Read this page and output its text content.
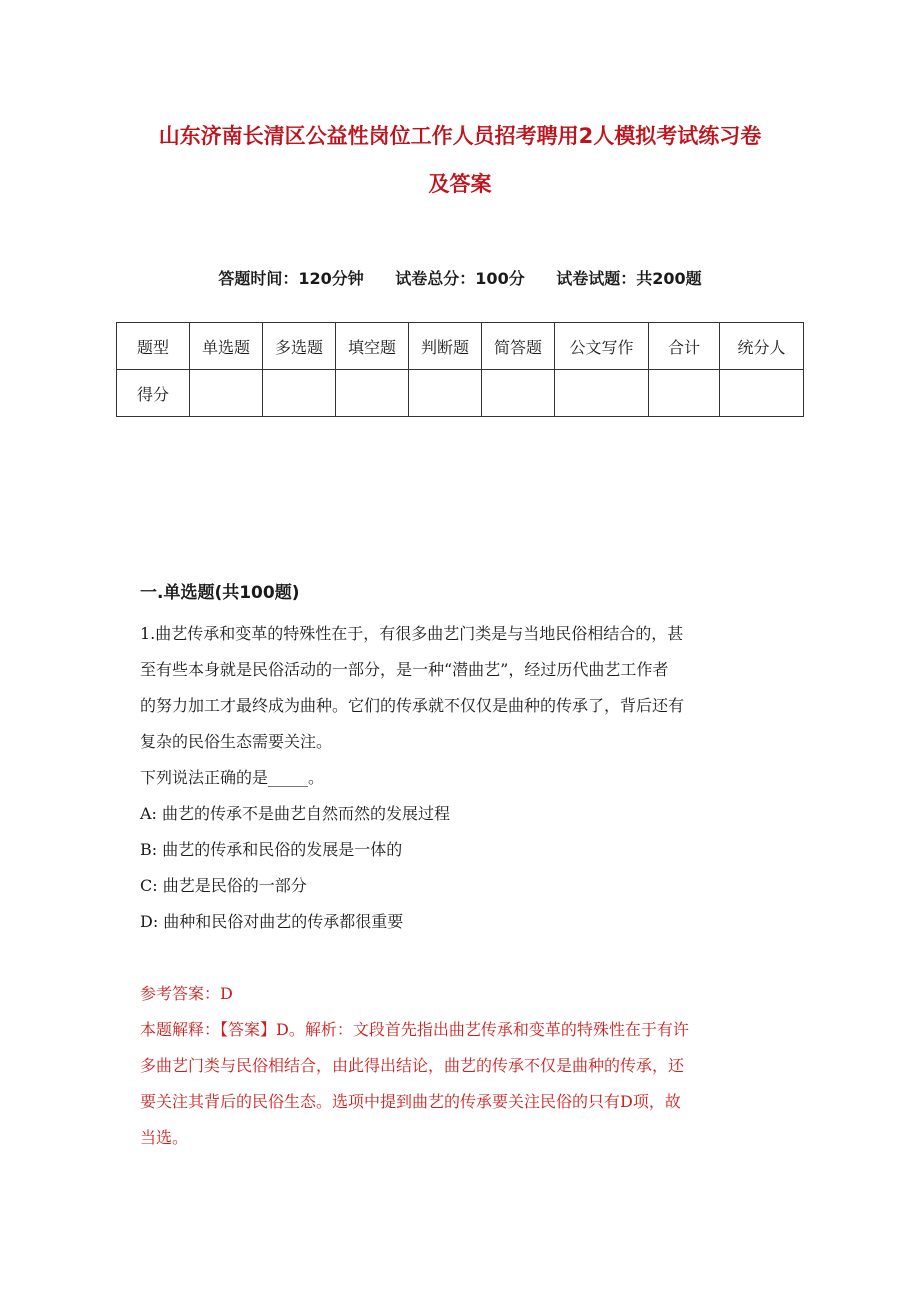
山东济南长清区公益性岗位工作人员招考聘用2人模拟考试练习卷
及答案
答题时间：120分钟 试卷总分：100分 试卷试题：共200题
题型	单选题	多选题	填空题	判断题	简答题	公文写作	合计	统分人
得分								
一.单选题(共100题)
1.曲艺传承和变革的特殊性在于，有很多曲艺门类是与当地民俗相结合的，甚
至有些本身就是民俗活动的一部分，是一种“潜曲艺”，经过历代曲艺工作者
的努力加工才最终成为曲种。它们的传承就不仅仅是曲种的传承了，背后还有
复杂的民俗生态需要关注。
下列说法正确的是_____。
A: 曲艺的传承不是曲艺自然而然的发展过程
B: 曲艺的传承和民俗的发展是一体的
C: 曲艺是民俗的一部分
D: 曲种和民俗对曲艺的传承都很重要
参考答案：D
本题解释：【答案】D。解析：文段首先指出曲艺传承和变革的特殊性在于有许
多曲艺门类与民俗相结合，由此得出结论，曲艺的传承不仅是曲种的传承，还
要关注其背后的民俗生态。选项中提到曲艺的传承要关注民俗的只有D项，故
当选。
